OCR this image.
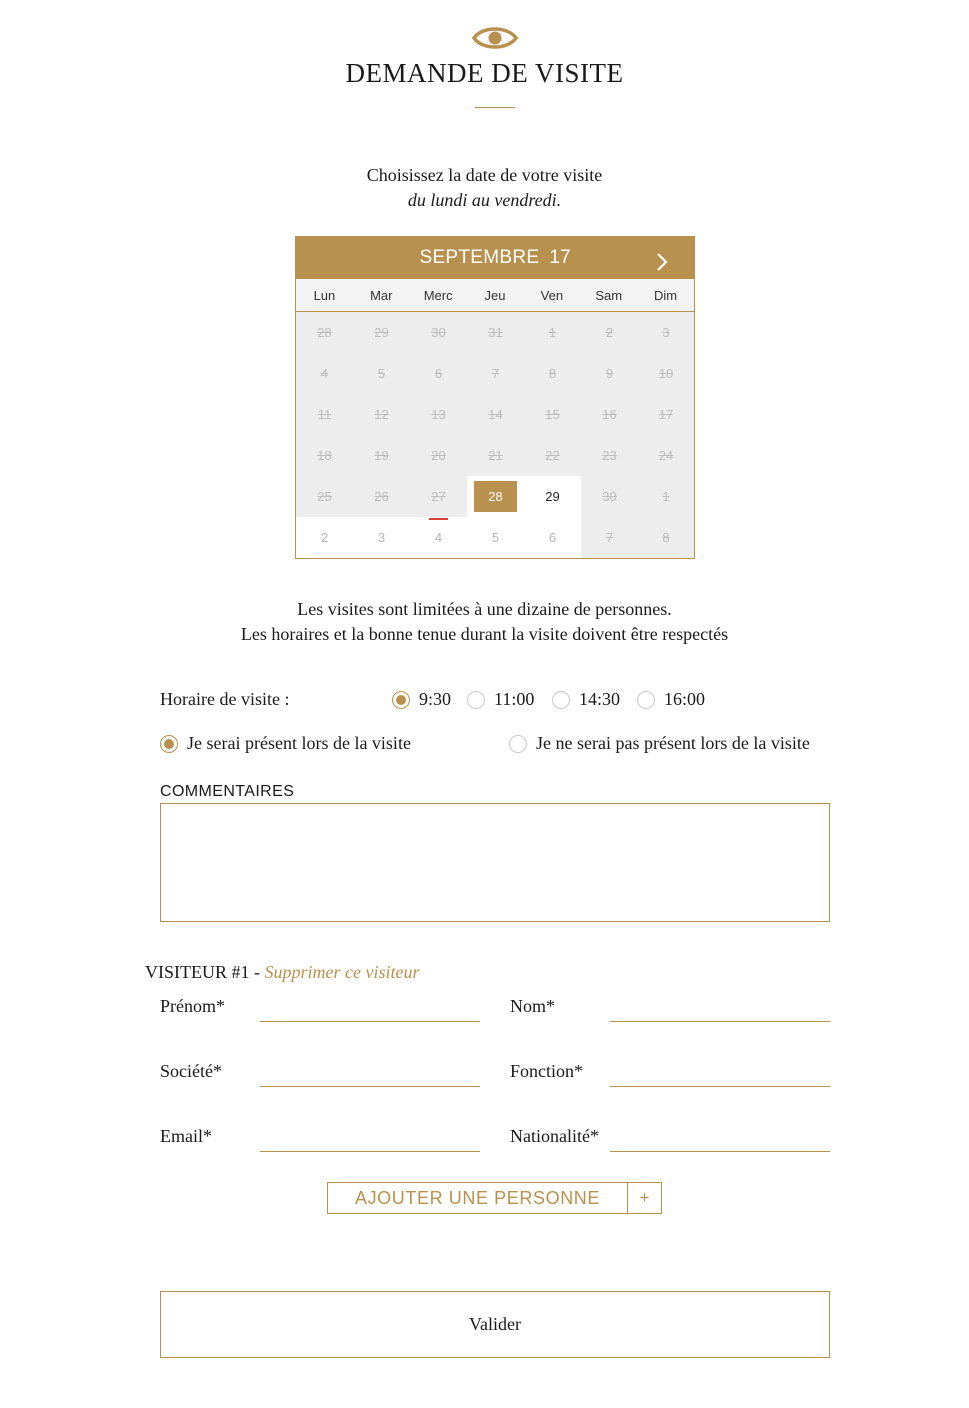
DEMANDE DE VISITE
Choisissez la date de votre visite
du lundi au vendredi.
SEPTEMBRE 17
Lun	Mar	Merc	Jeu	Ven	Sam	Dim
28	29	30	31	1	2	3
4	5	6	7	8	9	10
11	12	13	14	15	16	17
18	19	20	21	22	23	24
25	26	27	28	29	30	1
2	3	4	5	6	7	8
Les visites sont limitées à une dizaine de personnes.
Les horaires et la bonne tenue durant la visite doivent être respectés
Horaire de visite :	9:30 11:00 14:30 16:00
Je serai présent lors de la visite	Je ne serai pas présent lors de la visite
COMMENTAIRES
VISITEUR #1 - Supprimer ce visiteur
Prénom*	Nom*
Société*	Fonction*
Email*	Nationalité*
AJOUTER UNE PERSONNE	+
Valider
